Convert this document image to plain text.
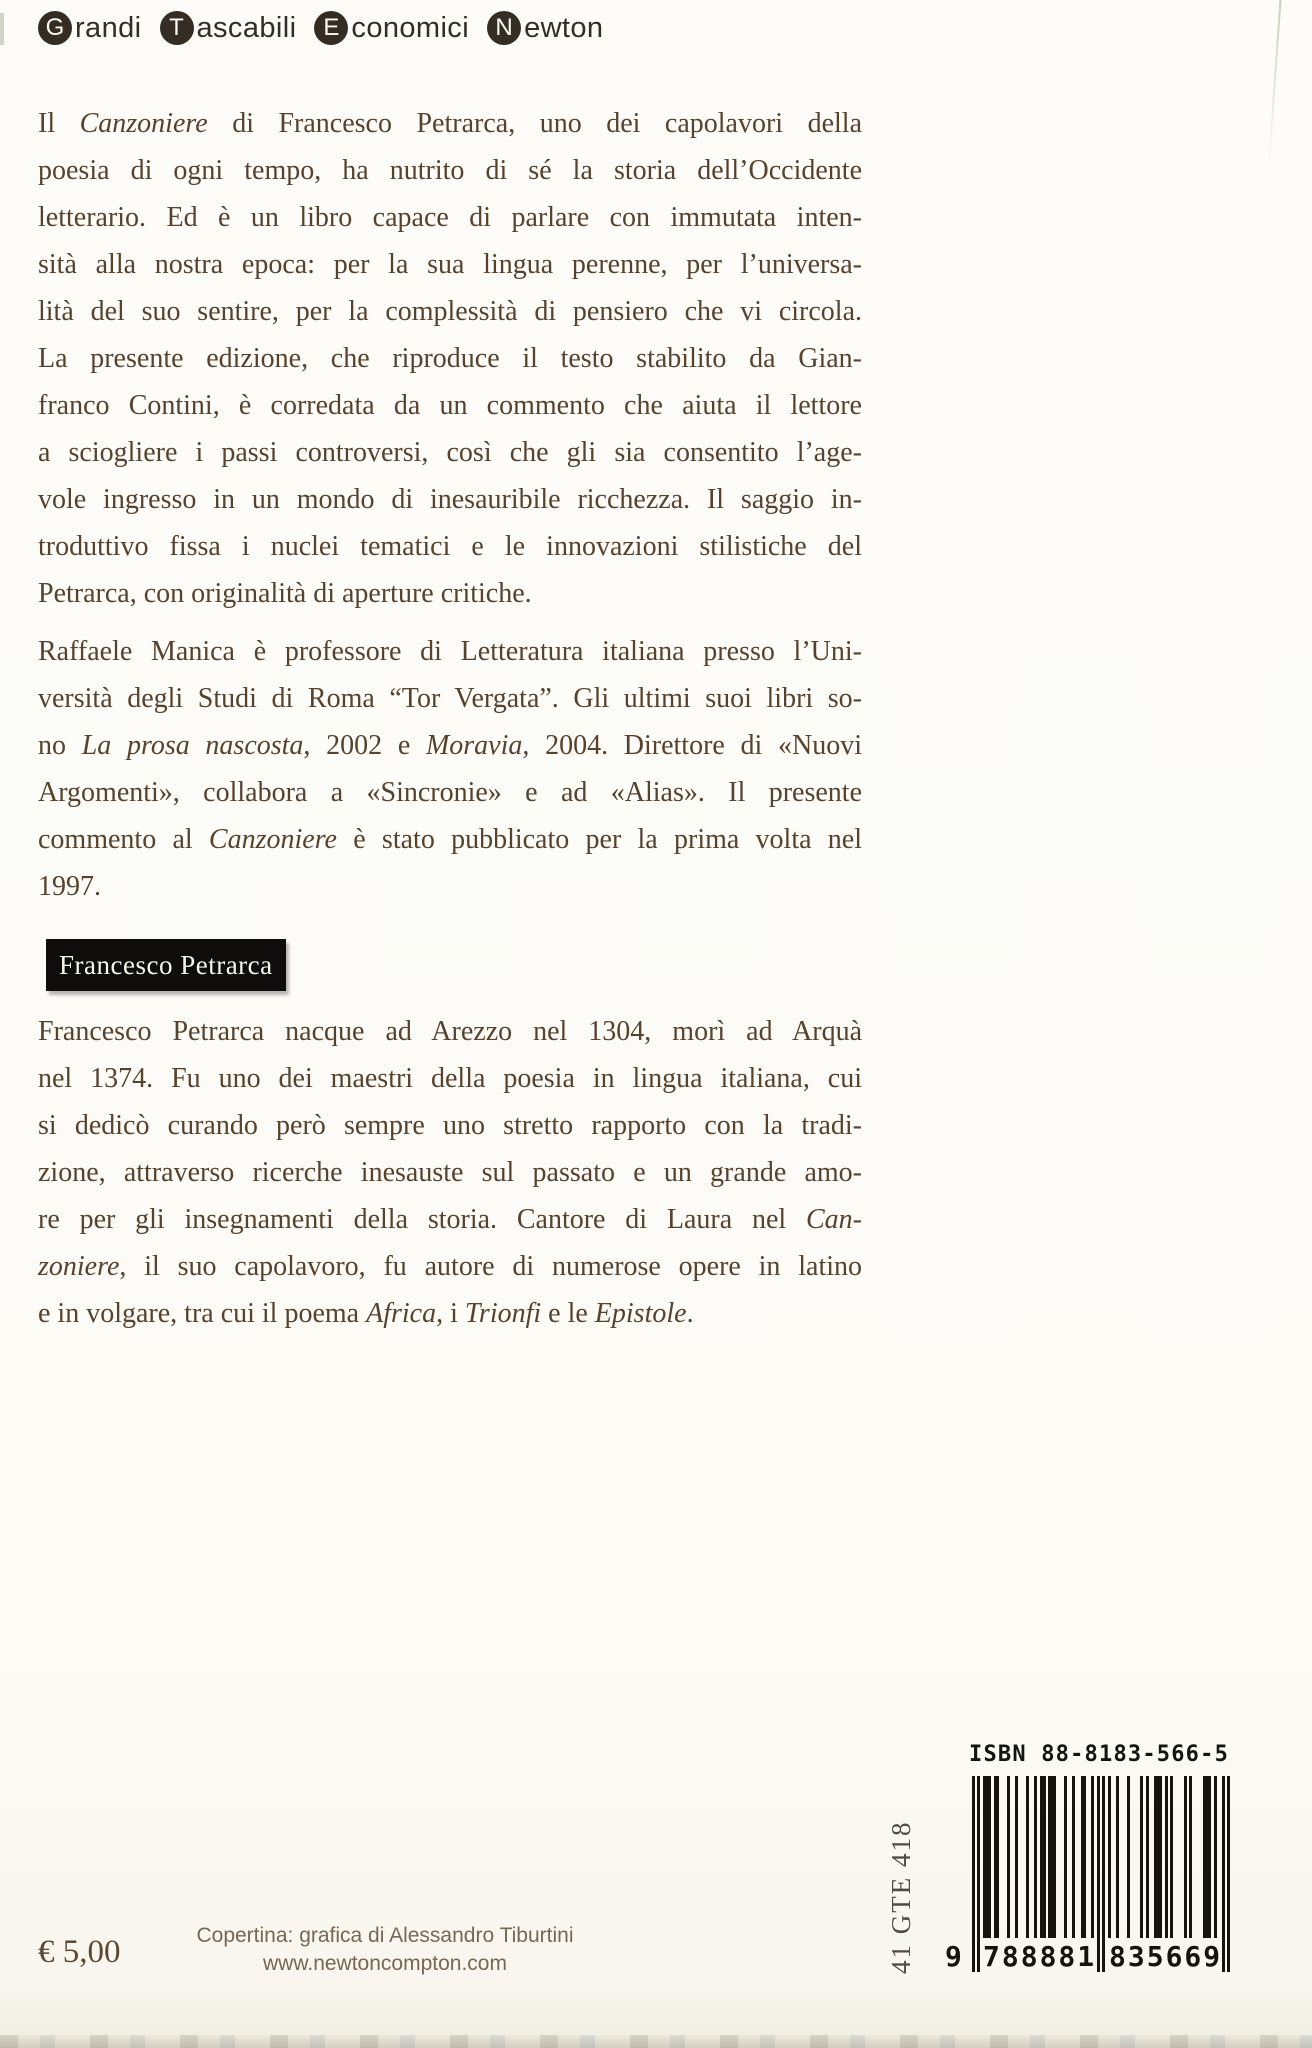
G randi	T ascabili	E conomici	N ewton
Il Canzoniere di Francesco Petrarca, uno dei capolavori della
poesia di ogni tempo, ha nutrito di sé la storia dell’Occidente
letterario. Ed è un libro capace di parlare con immutata inten-
sità alla nostra epoca: per la sua lingua perenne, per l’universa-
lità del suo sentire, per la complessità di pensiero che vi circola.
La presente edizione, che riproduce il testo stabilito da Gian-
franco Contini, è corredata da un commento che aiuta il lettore
a sciogliere i passi controversi, così che gli sia consentito l’age-
vole ingresso in un mondo di inesauribile ricchezza. Il saggio in-
troduttivo fissa i nuclei tematici e le innovazioni stilistiche del
Petrarca, con originalità di aperture critiche.
Raffaele Manica è professore di Letteratura italiana presso l’Uni-
versità degli Studi di Roma “Tor Vergata”. Gli ultimi suoi libri so-
no La prosa nascosta, 2002 e Moravia, 2004. Direttore di «Nuovi
Argomenti», collabora a «Sincronie» e ad «Alias». Il presente
commento al Canzoniere è stato pubblicato per la prima volta nel
1997.
Francesco Petrarca
Francesco Petrarca nacque ad Arezzo nel 1304, morì ad Arquà
nel 1374. Fu uno dei maestri della poesia in lingua italiana, cui
si dedicò curando però sempre uno stretto rapporto con la tradi-
zione, attraverso ricerche inesauste sul passato e un grande amo-
re per gli insegnamenti della storia. Cantore di Laura nel Can-
zoniere, il suo capolavoro, fu autore di numerose opere in latino
e in volgare, tra cui il poema Africa, i Trionfi e le Epistole.
€ 5,00	Copertina: grafica di Alessandro Tiburtini
www.newtoncompton.com	41 GTE 418
ISBN 88-8183-566-5
9 788881 835669
